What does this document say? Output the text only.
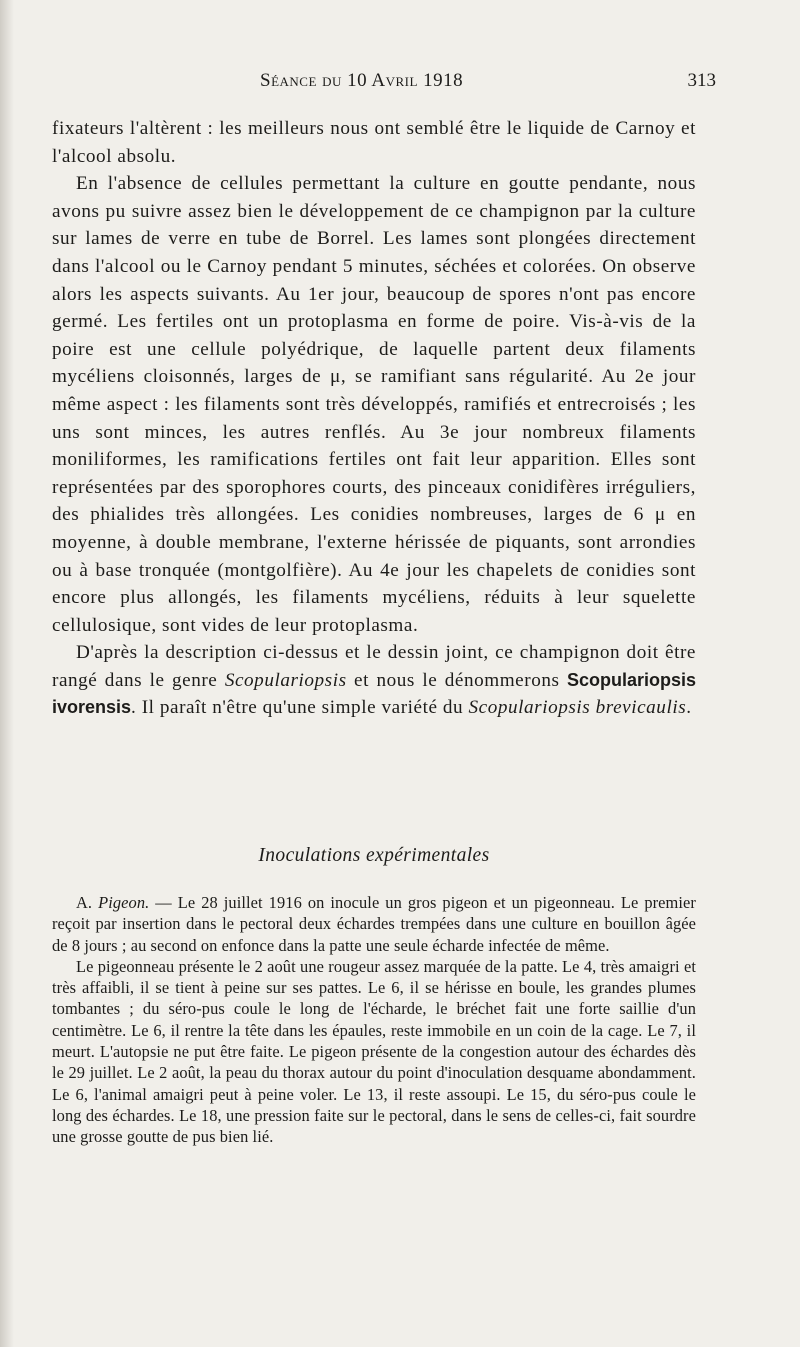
Séance du 10 Avril 1918	313

fixateurs l'altèrent : les meilleurs nous ont semblé être le liquide de Carnoy et l'alcool absolu.

En l'absence de cellules permettant la culture en goutte pendante, nous avons pu suivre assez bien le développement de ce champignon par la culture sur lames de verre en tube de Borrel. Les lames sont plongées directement dans l'alcool ou le Carnoy pendant 5 minutes, séchées et colorées. On observe alors les aspects suivants. Au 1er jour, beaucoup de spores n'ont pas encore germé. Les fertiles ont un protoplasma en forme de poire. Vis-à-vis de la poire est une cellule polyédrique, de laquelle partent deux filaments mycéliens cloisonnés, larges de μ, se ramifiant sans régularité. Au 2e jour même aspect : les filaments sont très développés, ramifiés et entrecroisés ; les uns sont minces, les autres renflés. Au 3e jour nombreux filaments moniliformes, les ramifications fertiles ont fait leur apparition. Elles sont représentées par des sporophores courts, des pinceaux conidifères irréguliers, des phialides très allongées. Les conidies nombreuses, larges de 6 μ en moyenne, à double membrane, l'externe hérissée de piquants, sont arrondies ou à base tronquée (montgolfière). Au 4e jour les chapelets de conidies sont encore plus allongés, les filaments mycéliens, réduits à leur squelette cellulosique, sont vides de leur protoplasma.

D'après la description ci-dessus et le dessin joint, ce champignon doit être rangé dans le genre Scopulariopsis et nous le dénommerons Scopulariopsis ivorensis. Il paraît n'être qu'une simple variété du Scopulariopsis brevicaulis.

Inoculations expérimentales

A. Pigeon. — Le 28 juillet 1916 on inocule un gros pigeon et un pigeonneau. Le premier reçoit par insertion dans le pectoral deux échardes trempées dans une culture en bouillon âgée de 8 jours ; au second on enfonce dans la patte une seule écharde infectée de même.

Le pigeonneau présente le 2 août une rougeur assez marquée de la patte. Le 4, très amaigri et très affaibli, il se tient à peine sur ses pattes. Le 6, il se hérisse en boule, les grandes plumes tombantes ; du séro-pus coule le long de l'écharde, le bréchet fait une forte saillie d'un centimètre. Le 6, il rentre la tête dans les épaules, reste immobile en un coin de la cage. Le 7, il meurt. L'autopsie ne put être faite. Le pigeon présente de la congestion autour des échardes dès le 29 juillet. Le 2 août, la peau du thorax autour du point d'inoculation desquame abondamment. Le 6, l'animal amaigri peut à peine voler. Le 13, il reste assoupi. Le 15, du séro-pus coule le long des échardes. Le 18, une pression faite sur le pectoral, dans le sens de celles-ci, fait sourdre une grosse goutte de pus bien lié.
